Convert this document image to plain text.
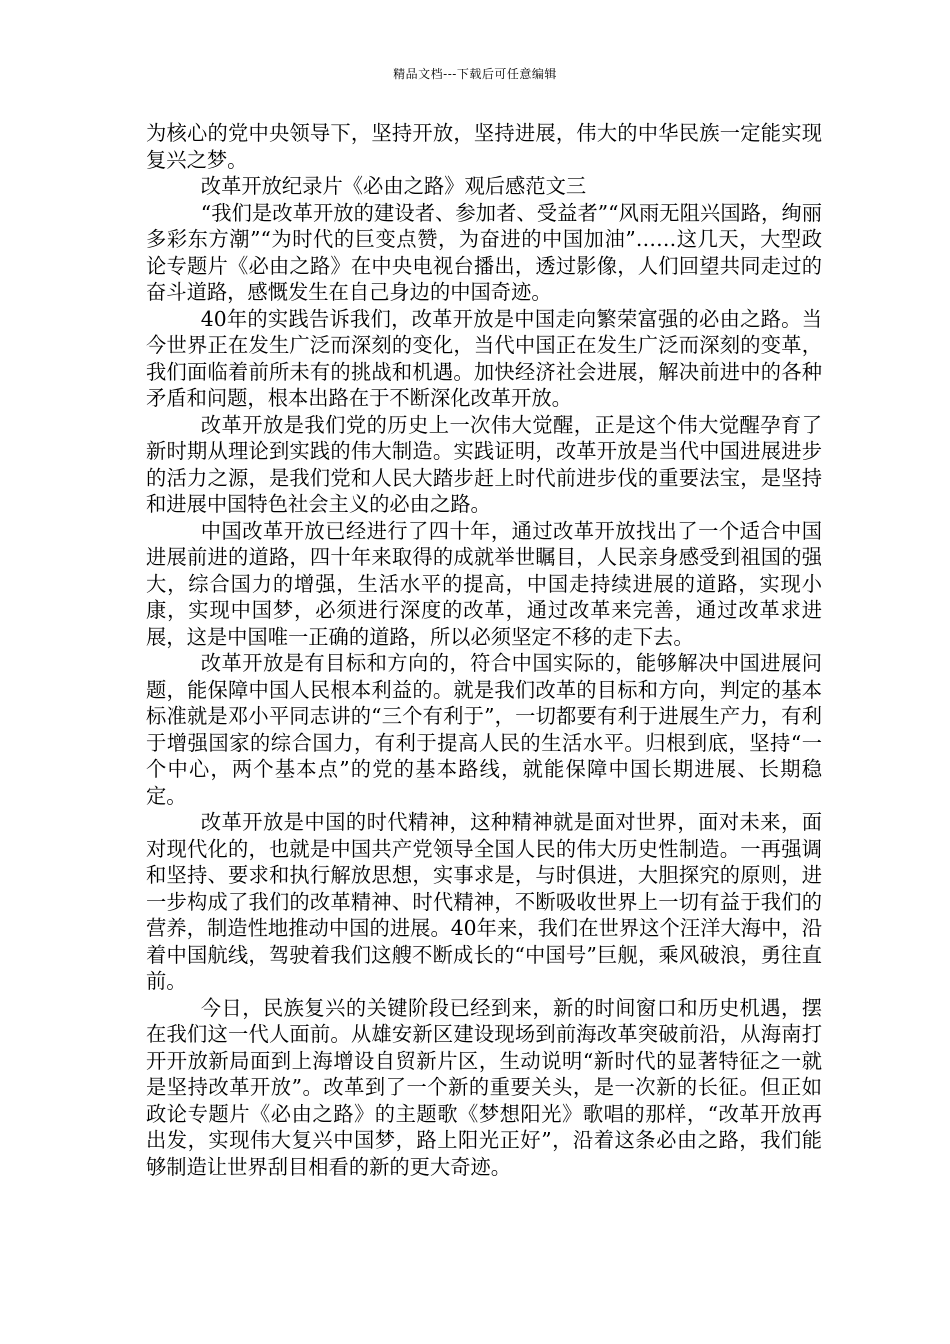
精品文档---下载后可任意编辑

为核心的党中央领导下，坚持开放，坚持进展，伟大的中华民族一定能实现复兴之梦。

改革开放纪录片《必由之路》观后感范文三

“我们是改革开放的建设者、参加者、受益者”“风雨无阻兴国路，绚丽多彩东方潮”“为时代的巨变点赞，为奋进的中国加油”……这几天，大型政论专题片《必由之路》在中央电视台播出，透过影像，人们回望共同走过的奋斗道路，感慨发生在自己身边的中国奇迹。

40年的实践告诉我们，改革开放是中国走向繁荣富强的必由之路。当今世界正在发生广泛而深刻的变化，当代中国正在发生广泛而深刻的变革，我们面临着前所未有的挑战和机遇。加快经济社会进展，解决前进中的各种矛盾和问题，根本出路在于不断深化改革开放。

改革开放是我们党的历史上一次伟大觉醒，正是这个伟大觉醒孕育了新时期从理论到实践的伟大制造。实践证明，改革开放是当代中国进展进步的活力之源，是我们党和人民大踏步赶上时代前进步伐的重要法宝，是坚持和进展中国特色社会主义的必由之路。

中国改革开放已经进行了四十年，通过改革开放找出了一个适合中国进展前进的道路，四十年来取得的成就举世瞩目，人民亲身感受到祖国的强大，综合国力的增强，生活水平的提高，中国走持续进展的道路，实现小康，实现中国梦，必须进行深度的改革，通过改革来完善，通过改革求进展，这是中国唯一正确的道路，所以必须坚定不移的走下去。

改革开放是有目标和方向的，符合中国实际的，能够解决中国进展问题，能保障中国人民根本利益的。就是我们改革的目标和方向，判定的基本标准就是邓小平同志讲的“三个有利于”，一切都要有利于进展生产力，有利于增强国家的综合国力，有利于提高人民的生活水平。归根到底，坚持“一个中心，两个基本点”的党的基本路线，就能保障中国长期进展、长期稳定。

改革开放是中国的时代精神，这种精神就是面对世界，面对未来，面对现代化的，也就是中国共产党领导全国人民的伟大历史性制造。一再强调和坚持、要求和执行解放思想，实事求是，与时俱进，大胆探究的原则，进一步构成了我们的改革精神、时代精神，不断吸收世界上一切有益于我们的营养，制造性地推动中国的进展。40年来，我们在世界这个汪洋大海中，沿着中国航线，驾驶着我们这艘不断成长的“中国号”巨舰，乘风破浪，勇往直前。

今日，民族复兴的关键阶段已经到来，新的时间窗口和历史机遇，摆在我们这一代人面前。从雄安新区建设现场到前海改革突破前沿，从海南打开开放新局面到上海增设自贸新片区，生动说明“新时代的显著特征之一就是坚持改革开放”。改革到了一个新的重要关头，是一次新的长征。但正如政论专题片《必由之路》的主题歌《梦想阳光》歌唱的那样，“改革开放再出发，实现伟大复兴中国梦，路上阳光正好”，沿着这条必由之路，我们能够制造让世界刮目相看的新的更大奇迹。
